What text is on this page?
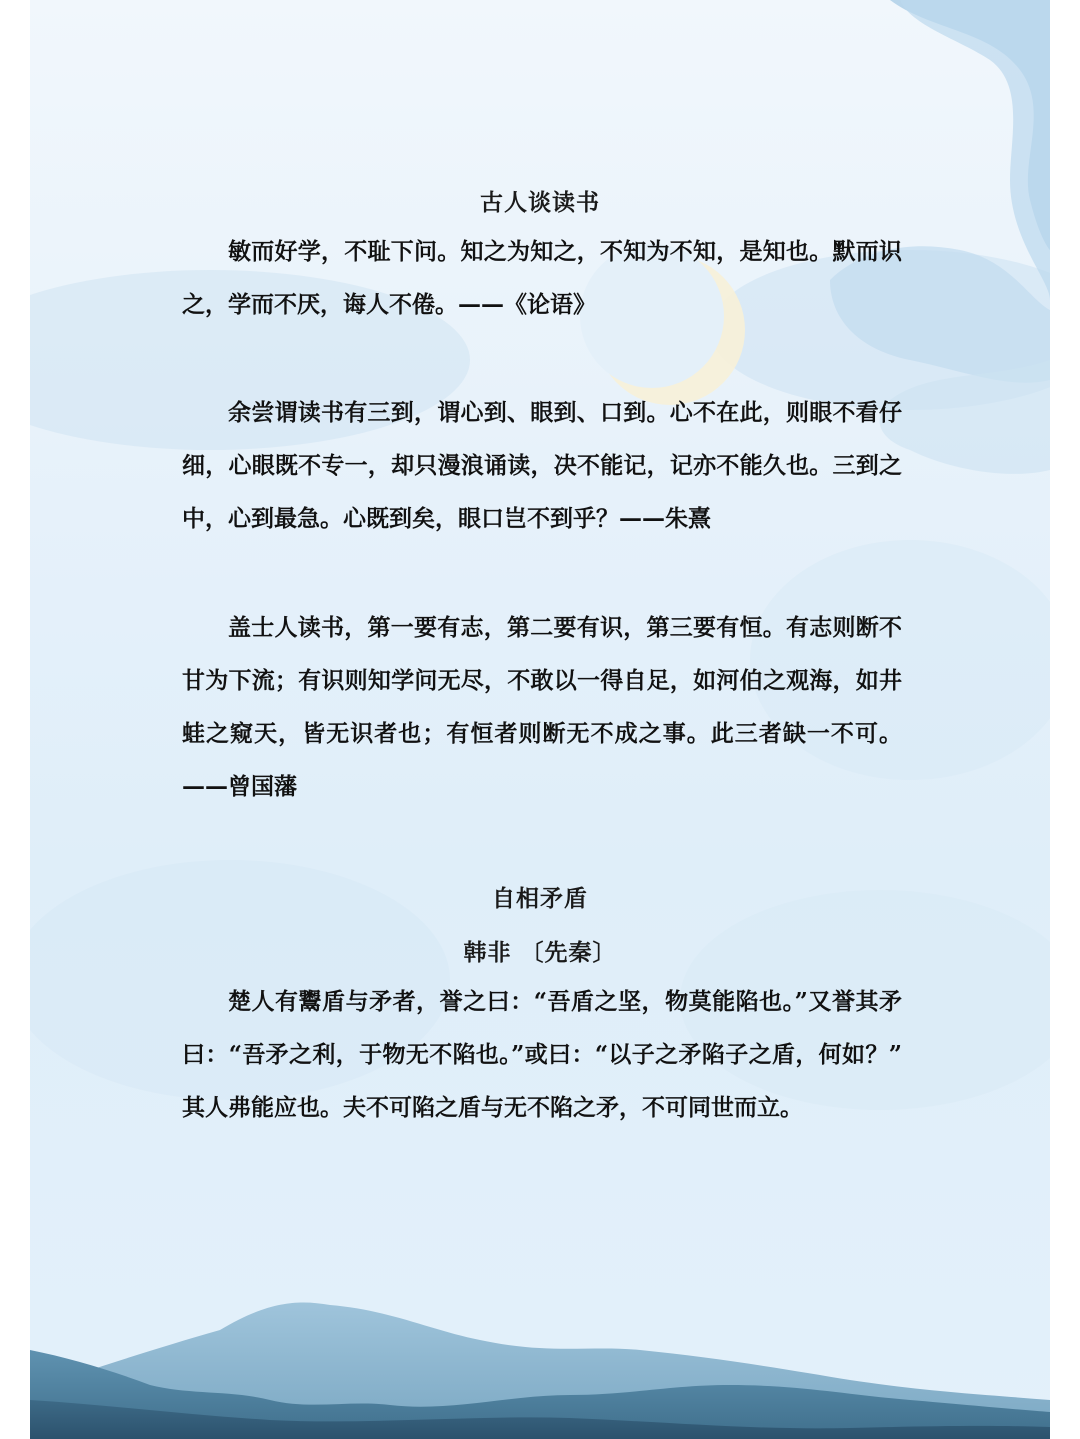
古人谈读书

敏而好学，不耻下问。知之为知之，不知为不知，是知也。默而识之，学而不厌，诲人不倦。——《论语》

余尝谓读书有三到，谓心到、眼到、口到。心不在此，则眼不看仔细，心眼既不专一，却只漫浪诵读，决不能记，记亦不能久也。三到之中，心到最急。心既到矣，眼口岂不到乎？——朱熹

盖士人读书，第一要有志，第二要有识，第三要有恒。有志则断不甘为下流；有识则知学问无尽，不敢以一得自足，如河伯之观海，如井蛙之窥天，皆无识者也；有恒者则断无不成之事。此三者缺一不可。——曾国藩

自相矛盾
韩非 〔先秦〕

楚人有鬻盾与矛者，誉之曰：“吾盾之坚，物莫能陷也。”又誉其矛曰：“吾矛之利，于物无不陷也。”或曰：“以子之矛陷子之盾，何如？” 其人弗能应也。夫不可陷之盾与无不陷之矛，不可同世而立。
